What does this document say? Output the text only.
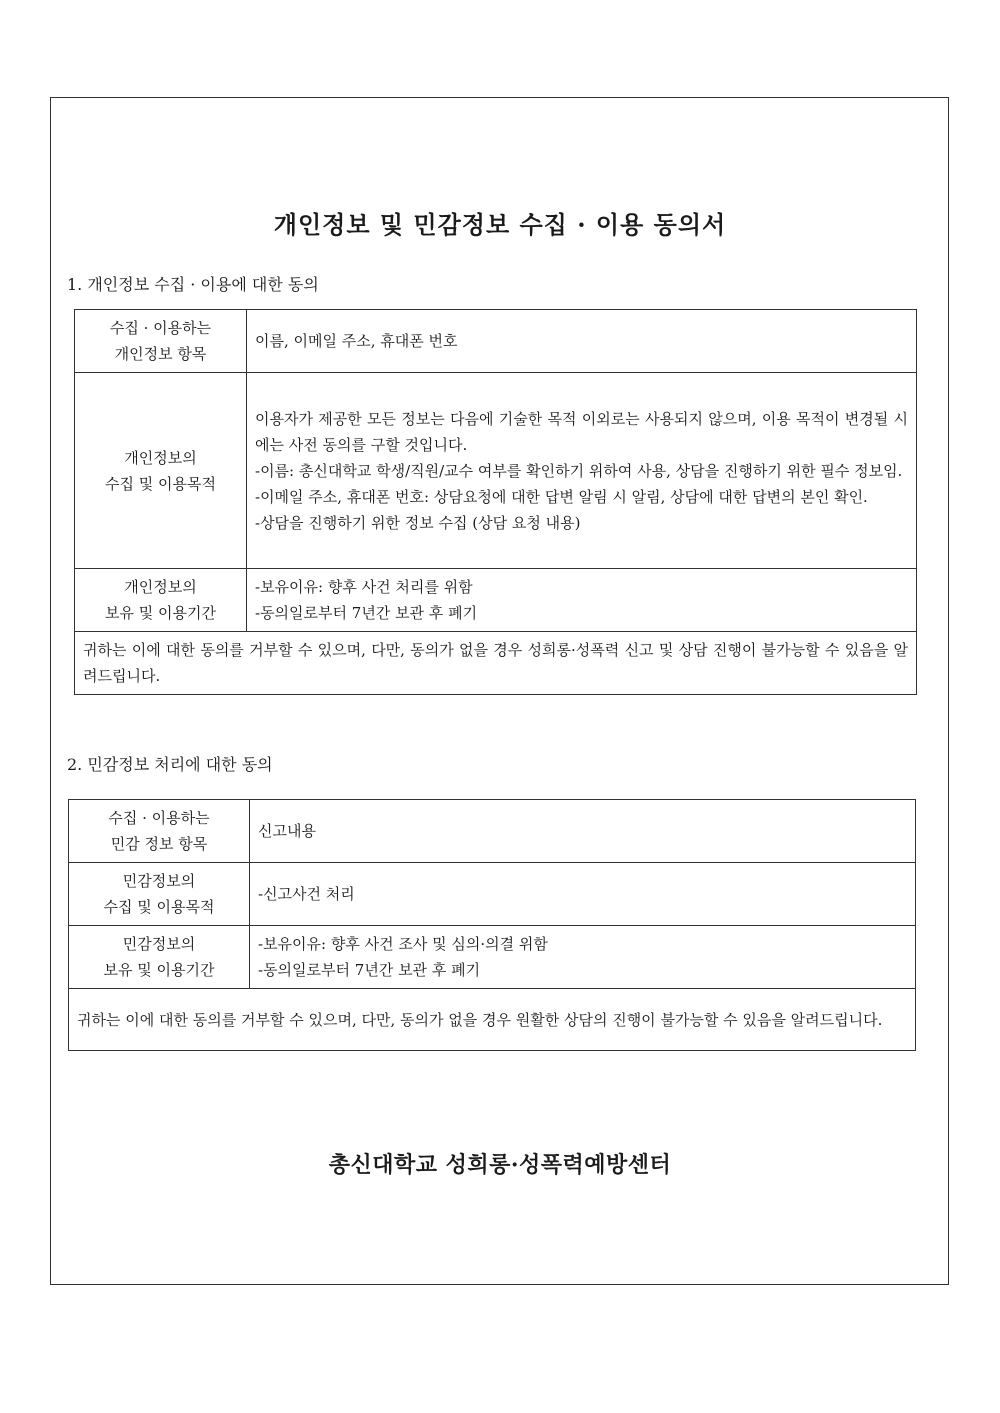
개인정보 및 민감정보 수집 · 이용 동의서

1. 개인정보 수집 · 이용에 대한 동의

수집 · 이용하는
개인정보 항목	이름, 이메일 주소, 휴대폰 번호

개인정보의
수집 및 이용목적	이용자가 제공한 모든 정보는 다음에 기술한 목적 이외로는 사용되지 않으며, 이용 목적이 변경될 시에는 사전 동의를 구할 것입니다.
-이름: 총신대학교 학생/직원/교수 여부를 확인하기 위하여 사용, 상담을 진행하기 위한 필수 정보임.
-이메일 주소, 휴대폰 번호: 상담요청에 대한 답변 알림 시 알림, 상담에 대한 답변의 본인 확인.
-상담을 진행하기 위한 정보 수집 (상담 요청 내용)

개인정보의
보유 및 이용기간	-보유이유: 향후 사건 처리를 위함
-동의일로부터 7년간 보관 후 폐기

귀하는 이에 대한 동의를 거부할 수 있으며, 다만, 동의가 없을 경우 성희롱·성폭력 신고 및 상담 진행이 불가능할 수 있음을 알려드립니다.	

2. 민감정보 처리에 대한 동의

수집 · 이용하는
민감 정보 항목	신고내용

민감정보의
수집 및 이용목적	-신고사건 처리

민감정보의
보유 및 이용기간	-보유이유: 향후 사건 조사 및 심의·의결 위함
-동의일로부터 7년간 보관 후 폐기

귀하는 이에 대한 동의를 거부할 수 있으며, 다만, 동의가 없을 경우 원활한 상담의 진행이 불가능할 수 있음을 알려드립니다.	

총신대학교 성희롱·성폭력예방센터
